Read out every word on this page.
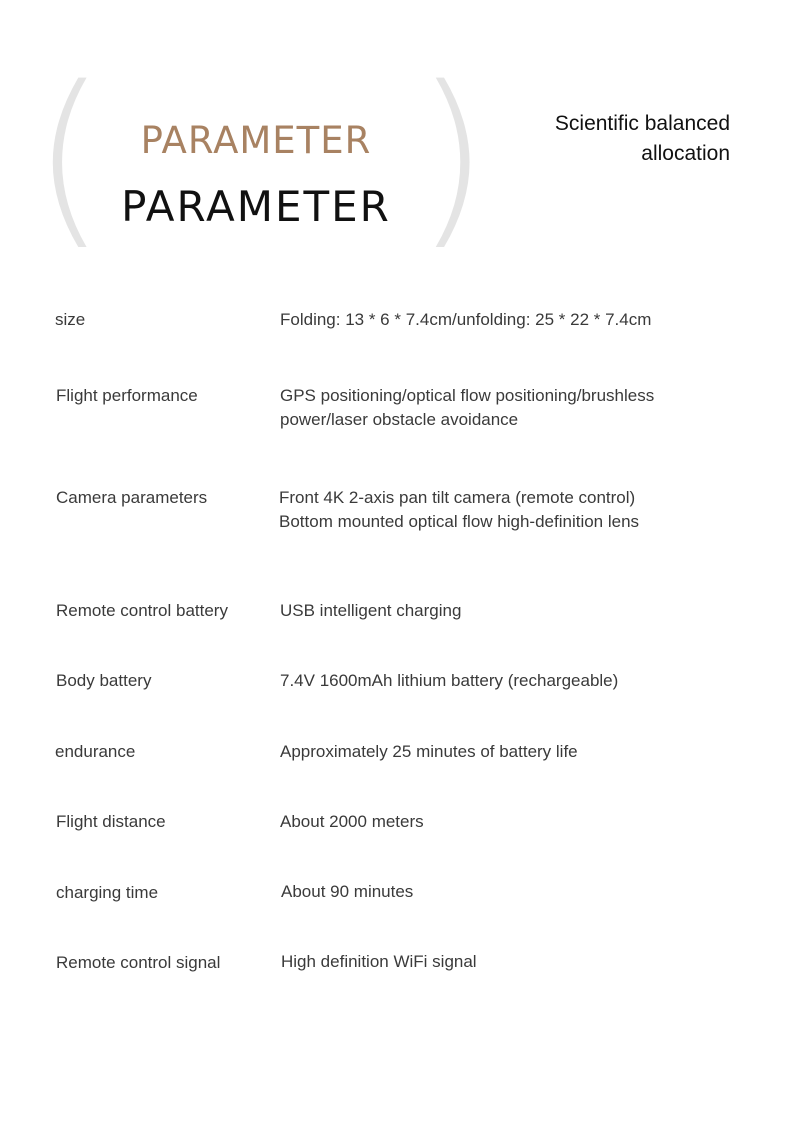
( )
PARAMETER
PARAMETER
Scientific balanced
allocation
size	Folding: 13 * 6 * 7.4cm/unfolding: 25 * 22 * 7.4cm
Flight performance	GPS positioning/optical flow positioning/brushless
power/laser obstacle avoidance
Camera parameters	Front 4K 2-axis pan tilt camera (remote control)
Bottom mounted optical flow high-definition lens
Remote control battery	USB intelligent charging
Body battery	7.4V 1600mAh lithium battery (rechargeable)
endurance	Approximately 25 minutes of battery life
Flight distance	About 2000 meters
charging time	About 90 minutes
Remote control signal	High definition WiFi signal
